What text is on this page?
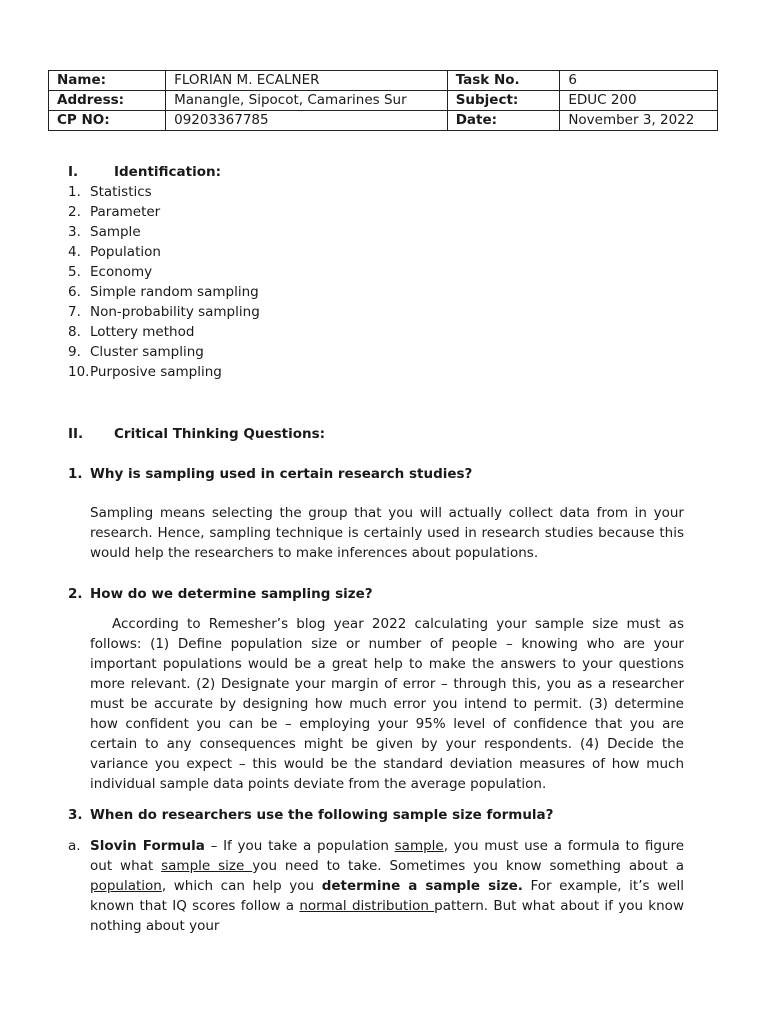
Name:	FLORIAN M. ECALNER	Task No.	6
Address:	Manangle, Sipocot, Camarines Sur	Subject:	EDUC 200
CP NO:	09203367785	Date:	November 3, 2022
I.	Identification:
1. Statistics
2. Parameter
3. Sample
4. Population
5. Economy
6. Simple random sampling
7. Non-probability sampling
8. Lottery method
9. Cluster sampling
10.Purposive sampling
II. Critical Thinking Questions:
1. Why is sampling used in certain research studies?

Sampling means selecting the group that you will actually collect data from in your research. Hence, sampling technique is certainly used in research studies because this would help the researchers to make inferences about populations.

2. How do we determine sampling size?

According to Remesher’s blog year 2022 calculating your sample size must as follows: (1) Define population size or number of people – knowing who are your important populations would be a great help to make the answers to your questions more relevant. (2) Designate your margin of error – through this, you as a researcher must be accurate by designing how much error you intend to permit. (3) determine how confident you can be – employing your 95% level of confidence that you are certain to any consequences might be given by your respondents. (4) Decide the variance you expect – this would be the standard deviation measures of how much individual sample data points deviate from the average population.

3. When do researchers use the following sample size formula?
a. Slovin Formula – If you take a population sample, you must use a formula to figure out what sample size you need to take. Sometimes you know something about a population, which can help you determine a sample size. For example, it’s well known that IQ scores follow a normal distribution pattern. But what about if you know nothing about your
